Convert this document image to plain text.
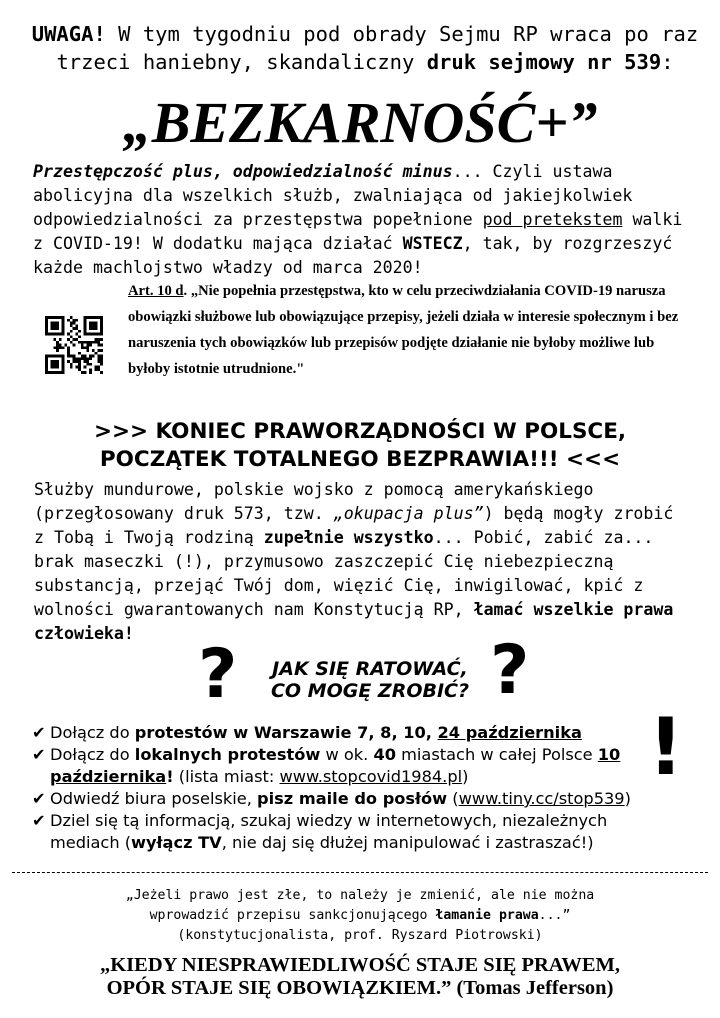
UWAGA! W tym tygodniu pod obrady Sejmu RP wraca po raz trzeci haniebny, skandaliczny druk sejmowy nr 539:

„BEZKARNOŚĆ+”

Przestępczość plus, odpowiedzialność minus... Czyli ustawa abolicyjna dla wszelkich służb, zwalniająca od jakiejkolwiek odpowiedzialności za przestępstwa popełnione pod pretekstem walki z COVID-19! W dodatku mająca działać WSTECZ, tak, by rozgrzeszyć każde machlojstwo władzy od marca 2020!

Art. 10 d. „Nie popełnia przestępstwa, kto w celu przeciwdziałania COVID-19 narusza obowiązki służbowe lub obowiązujące przepisy, jeżeli działa w interesie społecznym i bez naruszenia tych obowiązków lub przepisów podjęte działanie nie byłoby możliwe lub byłoby istotnie utrudnione."

>>> KONIEC PRAWORZĄDNOŚCI W POLSCE,
POCZĄTEK TOTALNEGO BEZPRAWIA!!! <<<

Służby mundurowe, polskie wojsko z pomocą amerykańskiego (przegłosowany druk 573, tzw. „okupacja plus”) będą mogły zrobić z Tobą i Twoją rodziną zupełnie wszystko... Pobić, zabić za... brak maseczki (!), przymusowo zaszczepić Cię niebezpieczną substancją, przejąć Twój dom, więzić Cię, inwigilować, kpić z wolności gwarantowanych nam Konstytucją RP, łamać wszelkie prawa człowieka!

?	JAK SIĘ RATOWAĆ,
CO MOGĘ ZROBIĆ? ?
!
✔ Dołącz do protestów w Warszawie 7, 8, 10, 24 października
✔ Dołącz do lokalnych protestów w ok. 40 miastach w całej Polsce 10 października! (lista miast: www.stopcovid1984.pl)
✔ Odwiedź biura poselskie, pisz maile do posłów (www.tiny.cc/stop539)
✔ Dziel się tą informacją, szukaj wiedzy w internetowych, niezależnych mediach (wyłącz TV, nie daj się dłużej manipulować i zastraszać!)

„Jeżeli prawo jest złe, to należy je zmienić, ale nie można wprowadzić przepisu sankcjonującego łamanie prawa...” (konstytucjonalista, prof. Ryszard Piotrowski)

„KIEDY NIESPRAWIEDLIWOŚĆ STAJE SIĘ PRAWEM,
OPÓR STAJE SIĘ OBOWIĄZKIEM.” (Tomas Jefferson)
